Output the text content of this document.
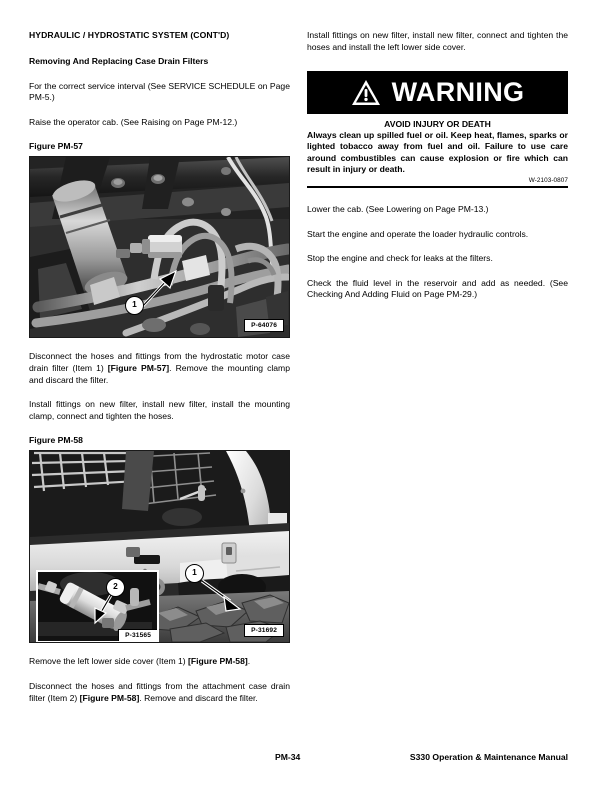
HYDRAULIC / HYDROSTATIC SYSTEM (CONT'D)
Removing And Replacing Case Drain Filters

For the correct service interval (See SERVICE SCHEDULE on Page PM-5.)

Raise the operator cab. (See Raising on Page PM-12.)

Figure PM-57
1
P-64076

Disconnect the hoses and fittings from the hydrostatic motor case drain filter (Item 1) [Figure PM-57]. Remove the mounting clamp and discard the filter.

Install fittings on new filter, install new filter, install the mounting clamp, connect and tighten the hoses.

Figure PM-58
1
2
P-31565
P-31692

Remove the left lower side cover (Item 1) [Figure PM-58].

Disconnect the hoses and fittings from the attachment case drain filter (Item 2) [Figure PM-58]. Remove and discard the filter.

Install fittings on new filter, install new filter, connect and tighten the hoses and install the left lower side cover.

WARNING
AVOID INJURY OR DEATH

Always clean up spilled fuel or oil. Keep heat, flames, sparks or lighted tobacco away from fuel and oil. Failure to use care around combustibles can cause explosion or fire which can result in injury or death.

W-2103-0807

Lower the cab. (See Lowering on Page PM-13.)

Start the engine and operate the loader hydraulic controls.

Stop the engine and check for leaks at the filters.

Check the fluid level in the reservoir and add as needed. (See Checking And Adding Fluid on Page PM-29.)

PM-34	S330 Operation & Maintenance Manual
